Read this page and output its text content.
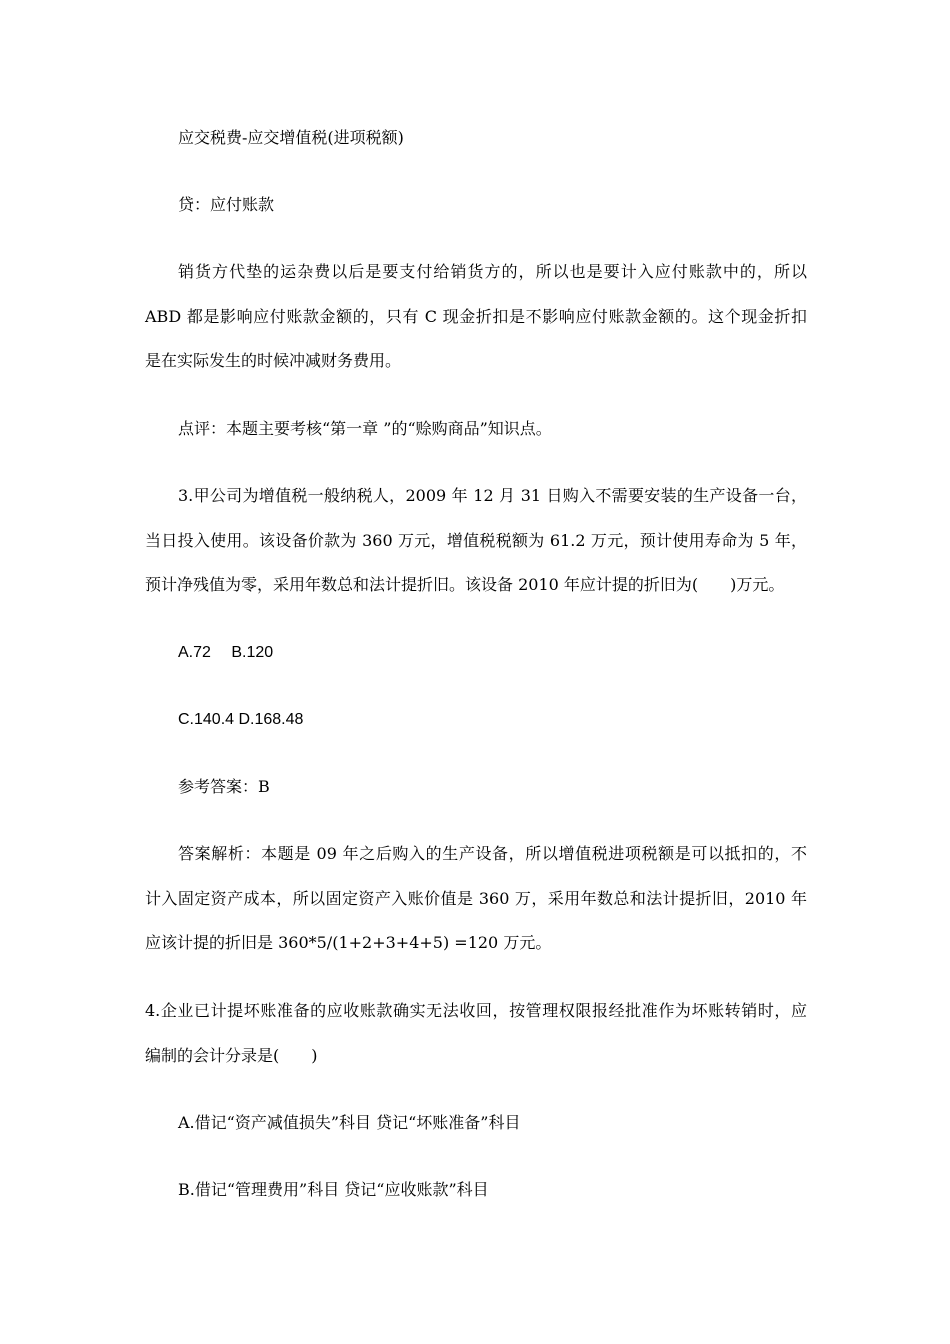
应交税费-应交增值税(进项税额)
贷：应付账款
销货方代垫的运杂费以后是要支付给销货方的，所以也是要计入应付账款中的，所以
ABD 都是影响应付账款金额的，只有 C 现金折扣是不影响应付账款金额的。这个现金折扣
是在实际发生的时候冲减财务费用。
点评：本题主要考核“第一章 ”的“赊购商品”知识点。
3.甲公司为增值税一般纳税人，2009 年 12 月 31 日购入不需要安装的生产设备一台，
当日投入使用。该设备价款为 360 万元，增值税税额为 61.2 万元，预计使用寿命为 5 年，
预计净残值为零，采用年数总和法计提折旧。该设备 2010 年应计提的折旧为(　　)万元。
A.72　 B.120
C.140.4 D.168.48
参考答案：B
答案解析：本题是 09 年之后购入的生产设备，所以增值税进项税额是可以抵扣的，不
计入固定资产成本，所以固定资产入账价值是 360 万，采用年数总和法计提折旧，2010 年
应该计提的折旧是 360*5/(1+2+3+4+5) =120 万元。
4.企业已计提坏账准备的应收账款确实无法收回，按管理权限报经批准作为坏账转销时，应
编制的会计分录是(　　)
A.借记“资产减值损失”科目 贷记“坏账准备”科目
B.借记“管理费用”科目 贷记“应收账款”科目
